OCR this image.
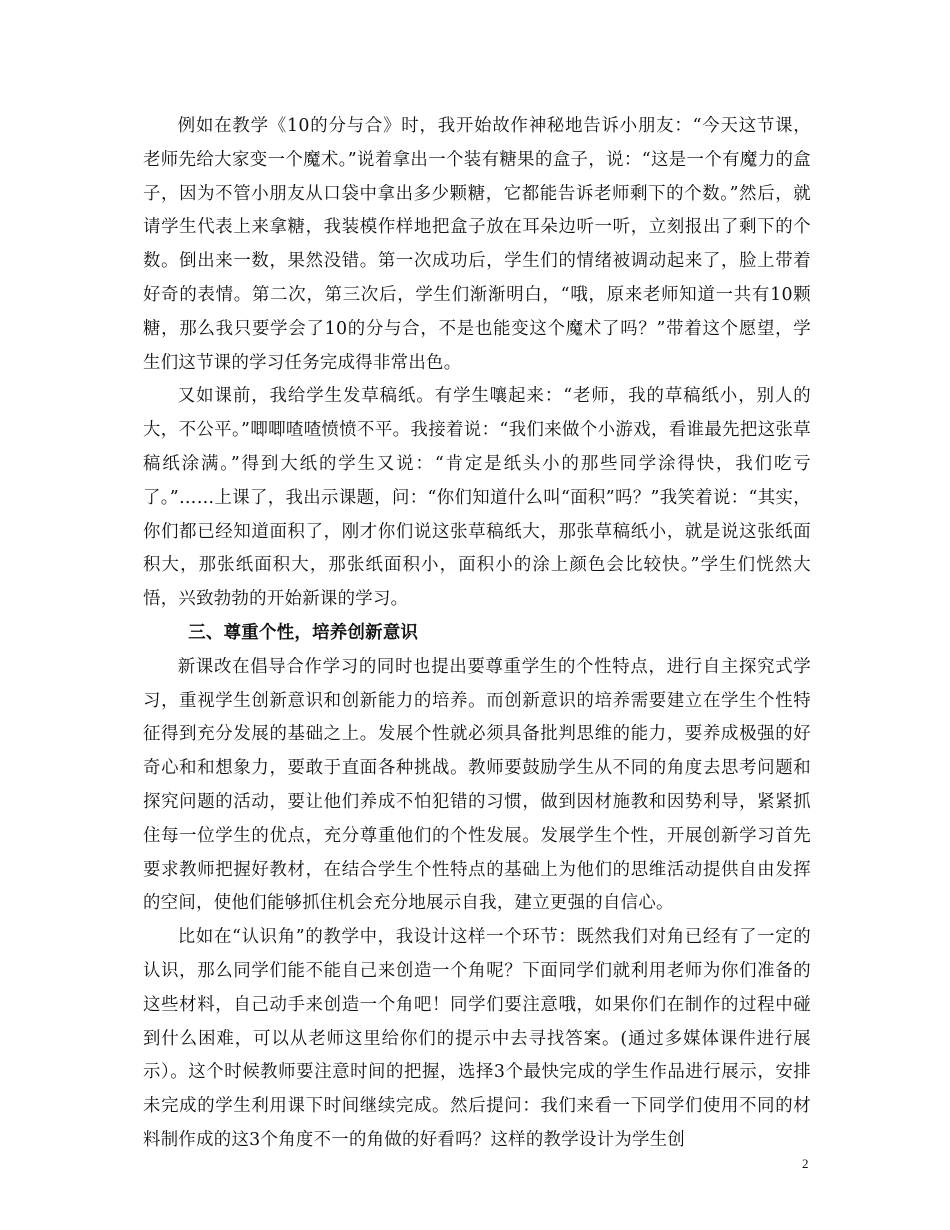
例如在教学《10的分与合》时，我开始故作神秘地告诉小朋友：“今天这节课，老师先给大家变一个魔术。”说着拿出一个装有糖果的盒子，说：“这是一个有魔力的盒子，因为不管小朋友从口袋中拿出多少颗糖，它都能告诉老师剩下的个数。”然后，就请学生代表上来拿糖，我装模作样地把盒子放在耳朵边听一听，立刻报出了剩下的个数。倒出来一数，果然没错。第一次成功后，学生们的情绪被调动起来了，脸上带着好奇的表情。第二次，第三次后，学生们渐渐明白，“哦，原来老师知道一共有10颗糖，那么我只要学会了10的分与合，不是也能变这个魔术了吗？”带着这个愿望，学生们这节课的学习任务完成得非常出色。

又如课前，我给学生发草稿纸。有学生嚷起来：“老师，我的草稿纸小，别人的大，不公平。”唧唧喳喳愤愤不平。我接着说：“我们来做个小游戏，看谁最先把这张草稿纸涂满。”得到大纸的学生又说：“肯定是纸头小的那些同学涂得快，我们吃亏了。”……上课了，我出示课题，问：“你们知道什么叫“面积”吗？”我笑着说：“其实，你们都已经知道面积了，刚才你们说这张草稿纸大，那张草稿纸小，就是说这张纸面积大，那张纸面积大，那张纸面积小，面积小的涂上颜色会比较快。”学生们恍然大悟，兴致勃勃的开始新课的学习。

三、尊重个性，培养创新意识

新课改在倡导合作学习的同时也提出要尊重学生的个性特点，进行自主探究式学习，重视学生创新意识和创新能力的培养。而创新意识的培养需要建立在学生个性特征得到充分发展的基础之上。发展个性就必须具备批判思维的能力，要养成极强的好奇心和和想象力，要敢于直面各种挑战。教师要鼓励学生从不同的角度去思考问题和探究问题的活动，要让他们养成不怕犯错的习惯，做到因材施教和因势利导，紧紧抓住每一位学生的优点，充分尊重他们的个性发展。发展学生个性，开展创新学习首先要求教师把握好教材，在结合学生个性特点的基础上为他们的思维活动提供自由发挥的空间，使他们能够抓住机会充分地展示自我，建立更强的自信心。

比如在“认识角”的教学中，我设计这样一个环节：既然我们对角已经有了一定的认识，那么同学们能不能自己来创造一个角呢？下面同学们就利用老师为你们准备的这些材料，自己动手来创造一个角吧！同学们要注意哦，如果你们在制作的过程中碰到什么困难，可以从老师这里给你们的提示中去寻找答案。(通过多媒体课件进行展示）。这个时候教师要注意时间的把握，选择3个最快完成的学生作品进行展示，安排未完成的学生利用课下时间继续完成。然后提问：我们来看一下同学们使用不同的材料制作成的这3个角度不一的角做的好看吗？这样的教学设计为学生创

2
